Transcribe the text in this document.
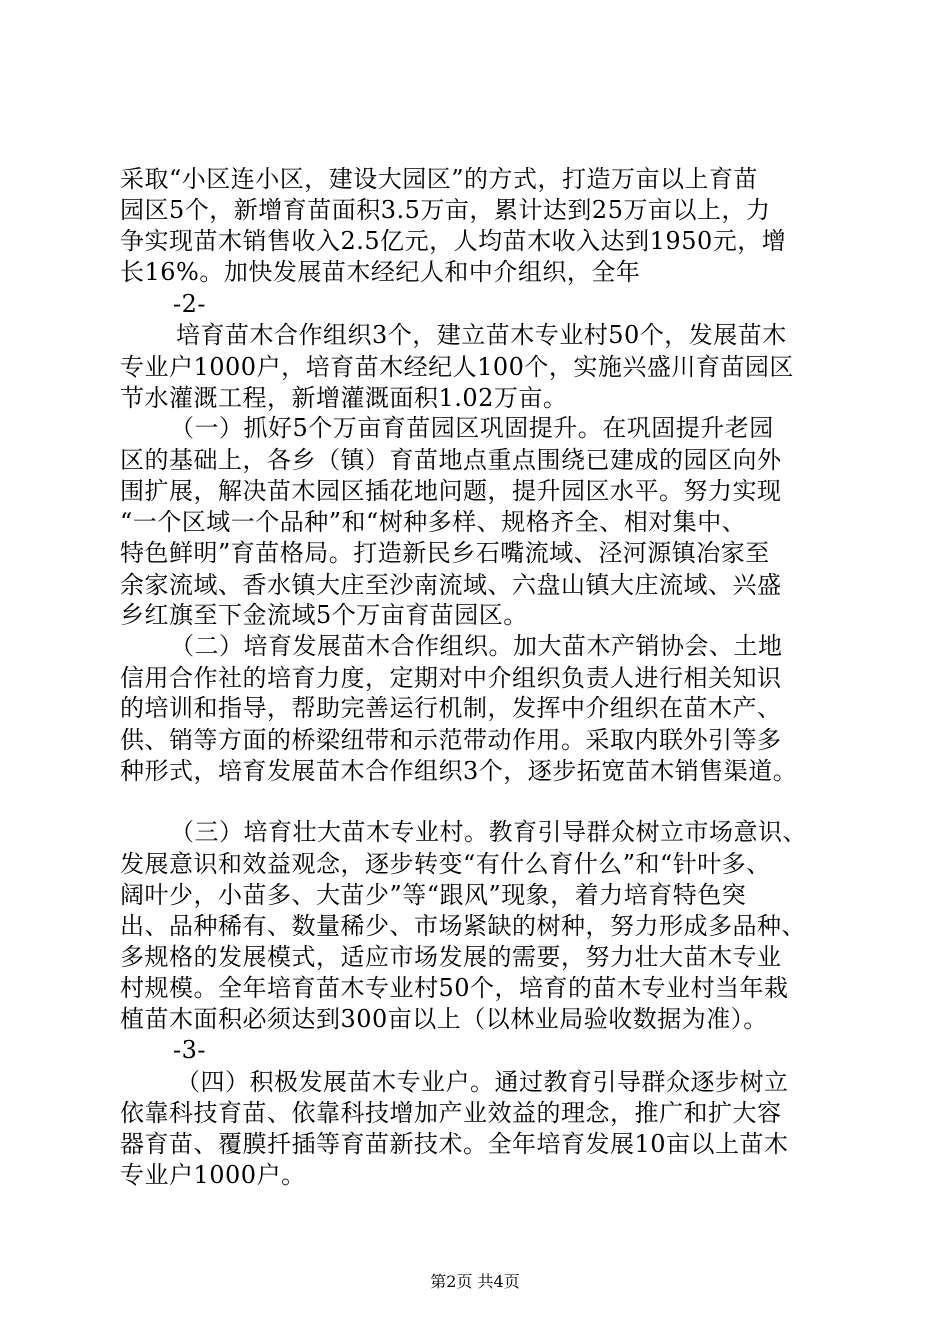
采取“小区连小区，建设大园区”的方式，打造万亩以上育苗
园区5个，新增育苗面积3.5万亩，累计达到25万亩以上，力
争实现苗木销售收入2.5亿元，人均苗木收入达到1950元，增
长16%。加快发展苗木经纪人和中介组织，全年
-2-
培育苗木合作组织3个，建立苗木专业村50个，发展苗木
专业户1000户，培育苗木经纪人100个，实施兴盛川育苗园区
节水灌溉工程，新增灌溉面积1.02万亩。
（一）抓好5个万亩育苗园区巩固提升。在巩固提升老园
区的基础上，各乡（镇）育苗地点重点围绕已建成的园区向外
围扩展，解决苗木园区插花地问题，提升园区水平。努力实现
“一个区域一个品种”和“树种多样、规格齐全、相对集中、
特色鲜明”育苗格局。打造新民乡石嘴流域、泾河源镇冶家至
余家流域、香水镇大庄至沙南流域、六盘山镇大庄流域、兴盛
乡红旗至下金流域5个万亩育苗园区。
（二）培育发展苗木合作组织。加大苗木产销协会、土地
信用合作社的培育力度，定期对中介组织负责人进行相关知识
的培训和指导，帮助完善运行机制，发挥中介组织在苗木产、
供、销等方面的桥梁纽带和示范带动作用。采取内联外引等多
种形式，培育发展苗木合作组织3个，逐步拓宽苗木销售渠道。
（三）培育壮大苗木专业村。教育引导群众树立市场意识、
发展意识和效益观念，逐步转变“有什么育什么”和“针叶多、
阔叶少，小苗多、大苗少”等“跟风”现象，着力培育特色突
出、品种稀有、数量稀少、市场紧缺的树种，努力形成多品种、
多规格的发展模式，适应市场发展的需要，努力壮大苗木专业
村规模。全年培育苗木专业村50个，培育的苗木专业村当年栽
植苗木面积必须达到300亩以上（以林业局验收数据为准）。
-3-
（四）积极发展苗木专业户。通过教育引导群众逐步树立
依靠科技育苗、依靠科技增加产业效益的理念，推广和扩大容
器育苗、覆膜扦插等育苗新技术。全年培育发展10亩以上苗木
专业户1000户。
第2页 共4页
